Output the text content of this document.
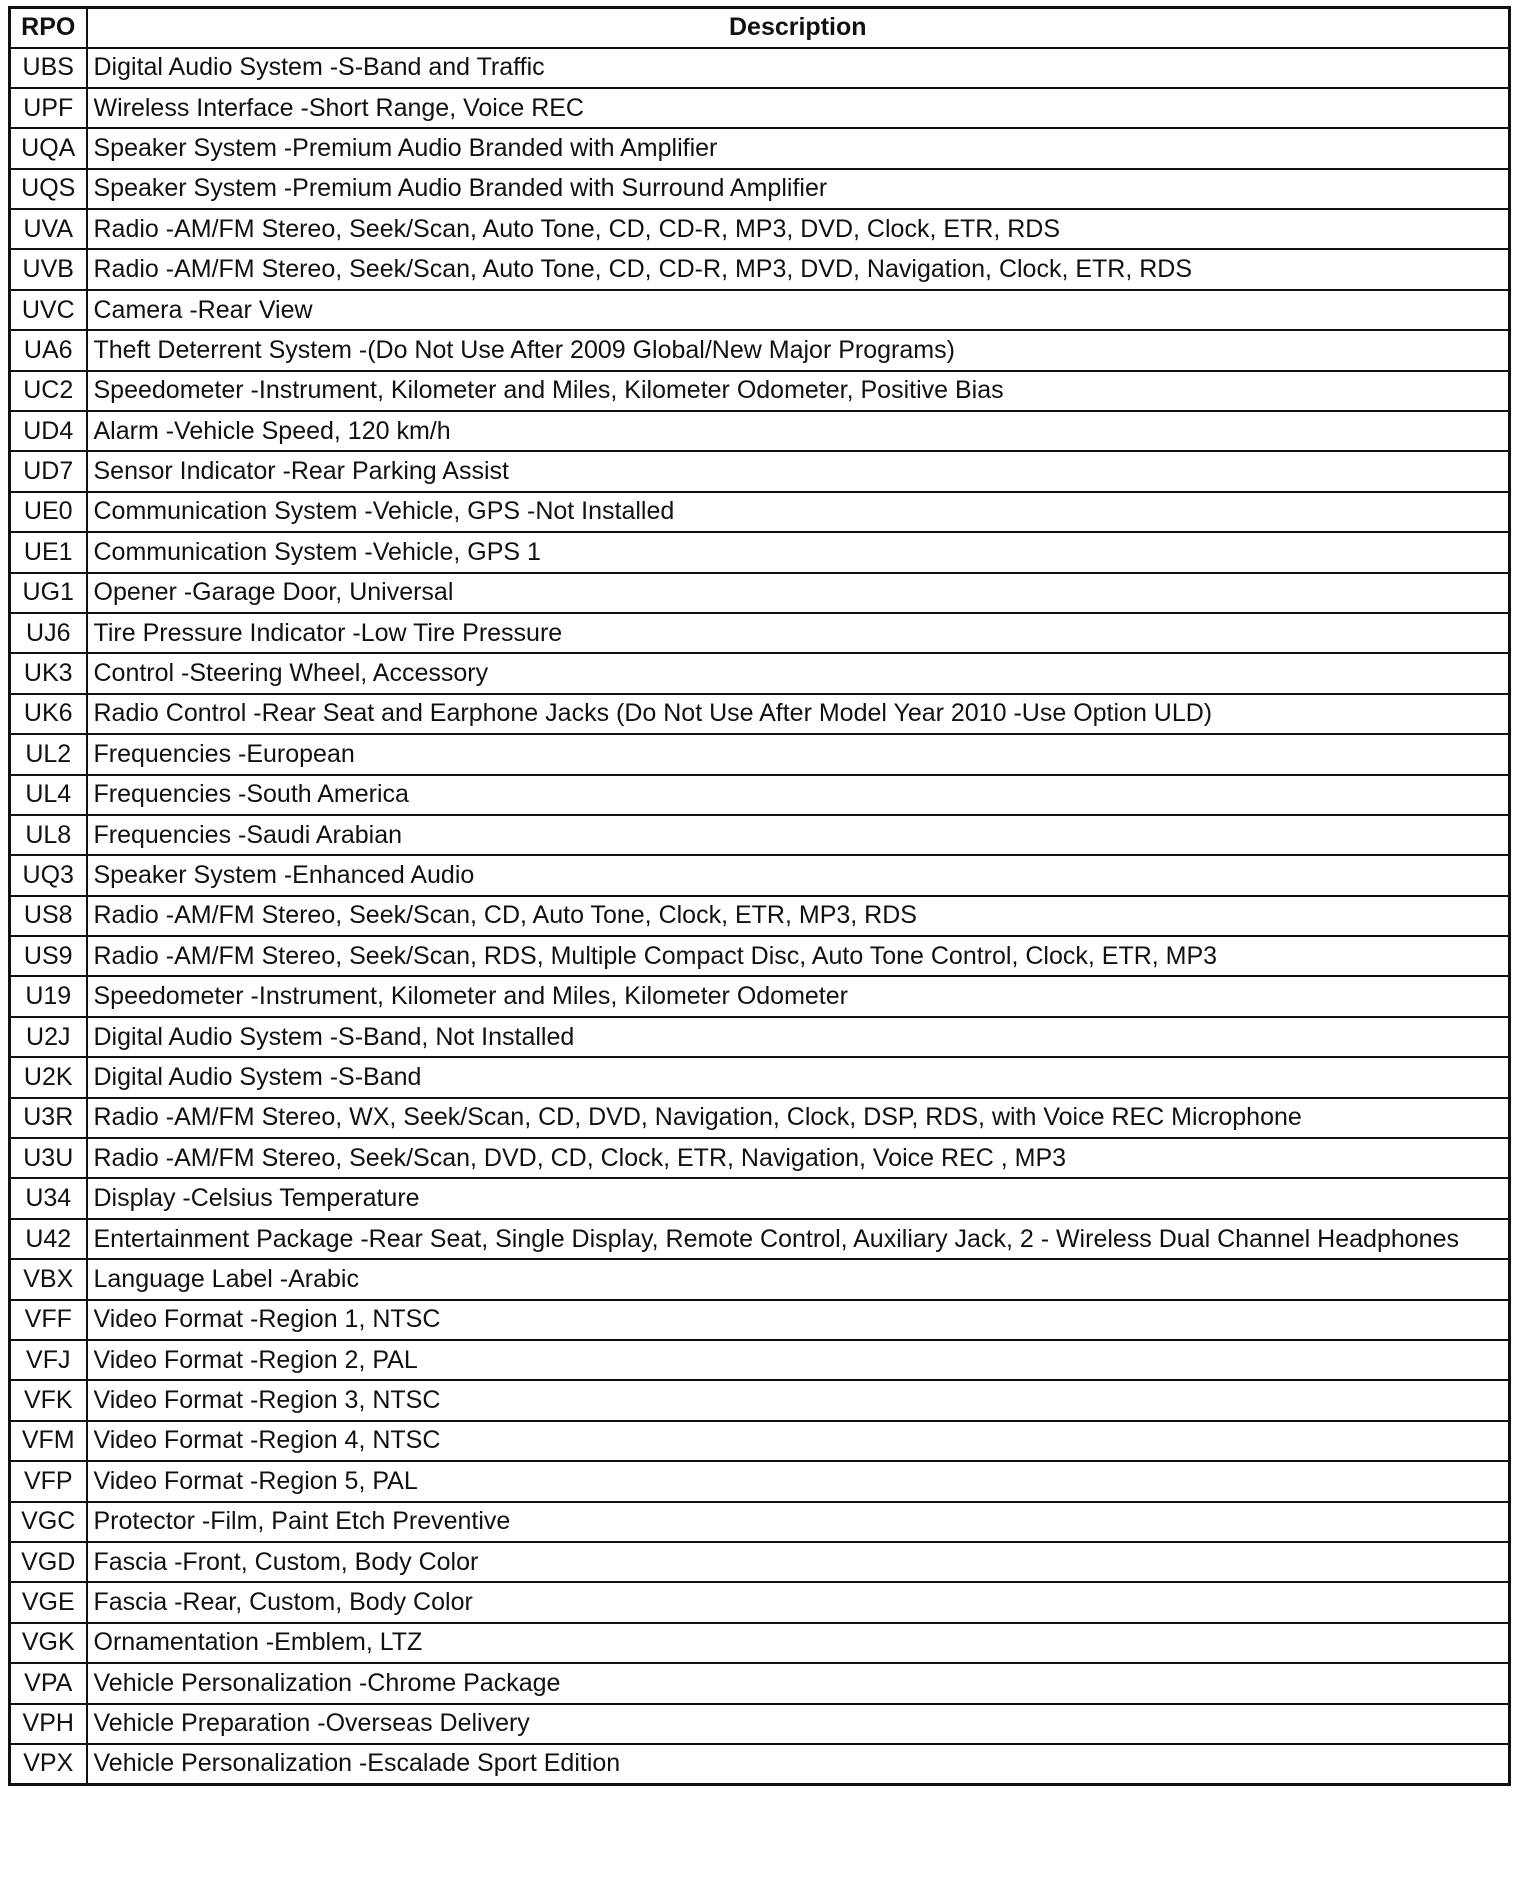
RPO	Description
UBS	Digital Audio System -S-Band and Traffic
UPF	Wireless Interface -Short Range, Voice REC
UQA	Speaker System -Premium Audio Branded with Amplifier
UQS	Speaker System -Premium Audio Branded with Surround Amplifier
UVA	Radio -AM/FM Stereo, Seek/Scan, Auto Tone, CD, CD-R, MP3, DVD, Clock, ETR, RDS
UVB	Radio -AM/FM Stereo, Seek/Scan, Auto Tone, CD, CD-R, MP3, DVD, Navigation, Clock, ETR, RDS
UVC	Camera -Rear View
UA6	Theft Deterrent System -(Do Not Use After 2009 Global/New Major Programs)
UC2	Speedometer -Instrument, Kilometer and Miles, Kilometer Odometer, Positive Bias
UD4	Alarm -Vehicle Speed, 120 km/h
UD7	Sensor Indicator -Rear Parking Assist
UE0	Communication System -Vehicle, GPS -Not Installed
UE1	Communication System -Vehicle, GPS 1
UG1	Opener -Garage Door, Universal
UJ6	Tire Pressure Indicator -Low Tire Pressure
UK3	Control -Steering Wheel, Accessory
UK6	Radio Control -Rear Seat and Earphone Jacks (Do Not Use After Model Year 2010 -Use Option ULD)
UL2	Frequencies -European
UL4	Frequencies -South America
UL8	Frequencies -Saudi Arabian
UQ3	Speaker System -Enhanced Audio
US8	Radio -AM/FM Stereo, Seek/Scan, CD, Auto Tone, Clock, ETR, MP3, RDS
US9	Radio -AM/FM Stereo, Seek/Scan, RDS, Multiple Compact Disc, Auto Tone Control, Clock, ETR, MP3
U19	Speedometer -Instrument, Kilometer and Miles, Kilometer Odometer
U2J	Digital Audio System -S-Band, Not Installed
U2K	Digital Audio System -S-Band
U3R	Radio -AM/FM Stereo, WX, Seek/Scan, CD, DVD, Navigation, Clock, DSP, RDS, with Voice REC Microphone
U3U	Radio -AM/FM Stereo, Seek/Scan, DVD, CD, Clock, ETR, Navigation, Voice REC , MP3
U34	Display -Celsius Temperature
U42	Entertainment Package -Rear Seat, Single Display, Remote Control, Auxiliary Jack, 2 - Wireless Dual Channel Headphones
VBX	Language Label -Arabic
VFF	Video Format -Region 1, NTSC
VFJ	Video Format -Region 2, PAL
VFK	Video Format -Region 3, NTSC
VFM	Video Format -Region 4, NTSC
VFP	Video Format -Region 5, PAL
VGC	Protector -Film, Paint Etch Preventive
VGD	Fascia -Front, Custom, Body Color
VGE	Fascia -Rear, Custom, Body Color
VGK	Ornamentation -Emblem, LTZ
VPA	Vehicle Personalization -Chrome Package
VPH	Vehicle Preparation -Overseas Delivery
VPX	Vehicle Personalization -Escalade Sport Edition
